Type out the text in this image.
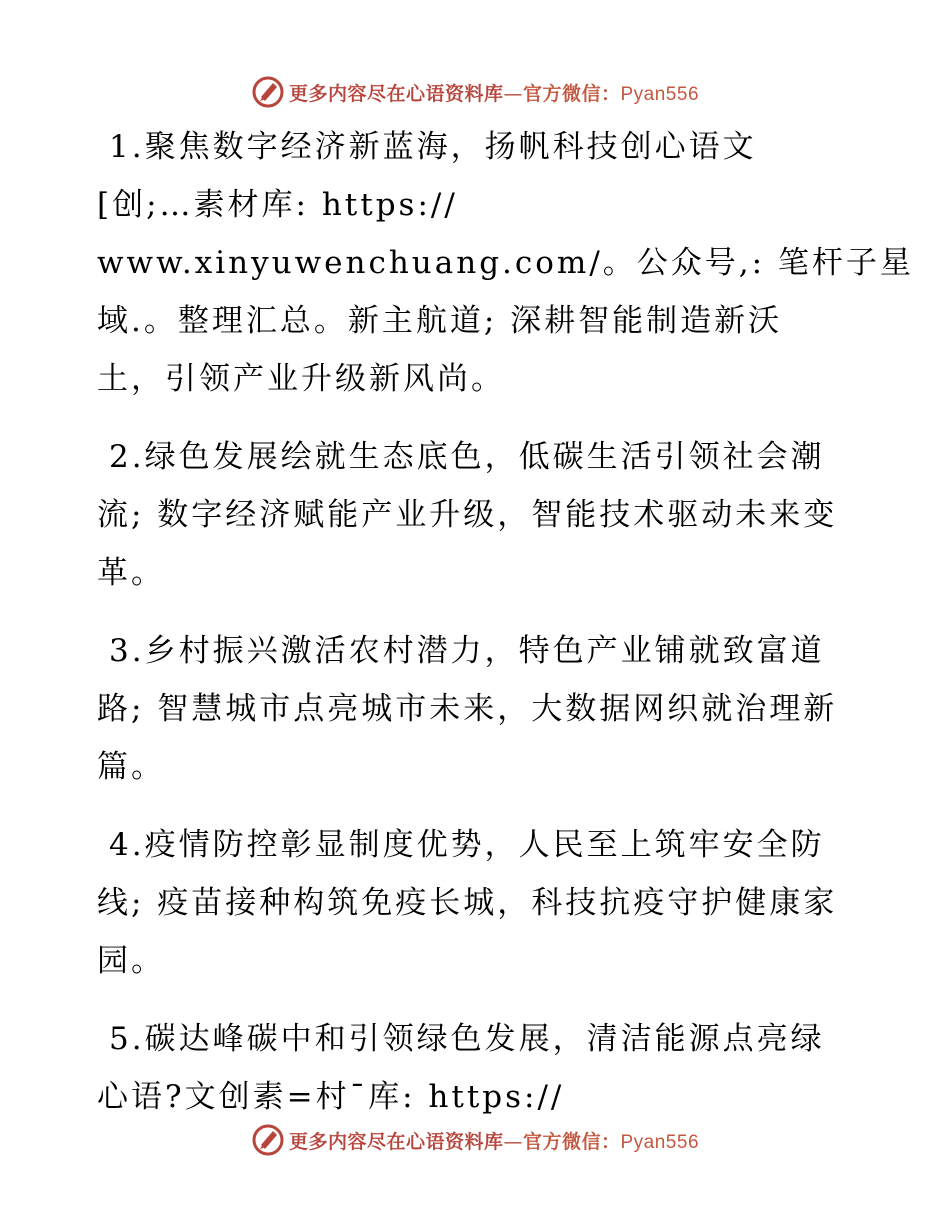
更多内容尽在心语资料库—官方微信：Pyan556

1.聚焦数字经济新蓝海，扬帆科技创心语文
[创;…素材库: https://
www.xinyuwenchuang.com/。公众号,: 笔杆子星
域.。整理汇总。新主航道; 深耕智能制造新沃
土，引领产业升级新风尚。

2.绿色发展绘就生态底色，低碳生活引领社会潮
流; 数字经济赋能产业升级，智能技术驱动未来变
革。

3.乡村振兴激活农村潜力，特色产业铺就致富道
路; 智慧城市点亮城市未来，大数据网织就治理新
篇。

4.疫情防控彰显制度优势，人民至上筑牢安全防
线; 疫苗接种构筑免疫长城，科技抗疫守护健康家
园。

5.碳达峰碳中和引领绿色发展，清洁能源点亮绿
心语?文创素=村¯库: https://

更多内容尽在心语资料库—官方微信：Pyan556
